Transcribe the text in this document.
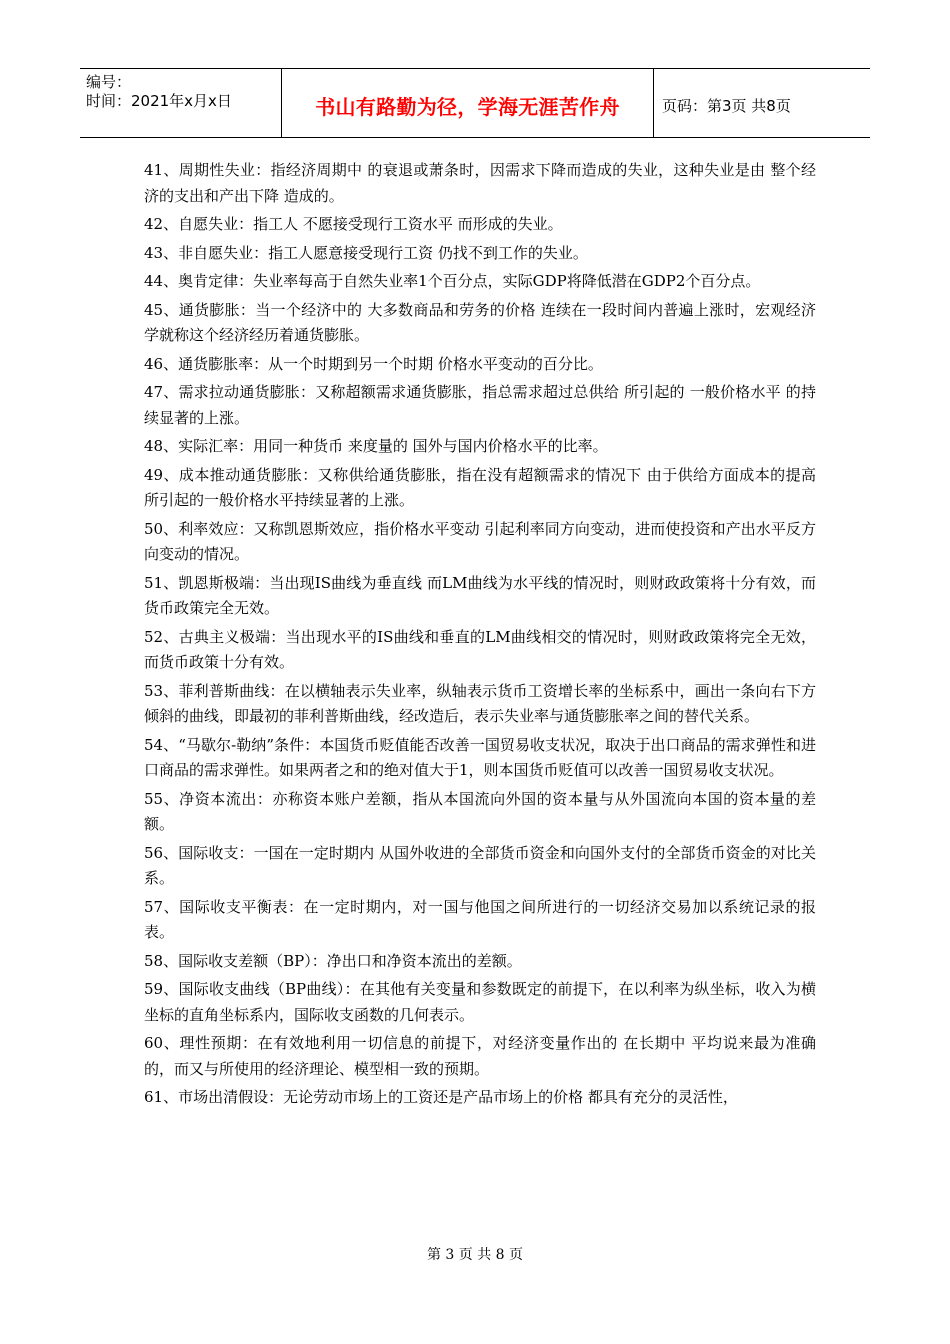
编号：
时间：2021年x月x日	书山有路勤为径，学海无涯苦作舟	页码：第3页 共8页

41、周期性失业：指经济周期中 的衰退或萧条时，因需求下降而造成的失业，这种失业是由 整个经济的支出和产出下降 造成的。

42、自愿失业：指工人 不愿接受现行工资水平 而形成的失业。

43、非自愿失业：指工人愿意接受现行工资 仍找不到工作的失业。

44、奥肯定律：失业率每高于自然失业率1个百分点，实际GDP将降低潜在GDP2个百分点。

45、通货膨胀：当一个经济中的 大多数商品和劳务的价格 连续在一段时间内普遍上涨时，宏观经济学就称这个经济经历着通货膨胀。

46、通货膨胀率：从一个时期到另一个时期 价格水平变动的百分比。

47、需求拉动通货膨胀：又称超额需求通货膨胀，指总需求超过总供给 所引起的 一般价格水平 的持续显著的上涨。

48、实际汇率：用同一种货币 来度量的 国外与国内价格水平的比率。

49、成本推动通货膨胀：又称供给通货膨胀，指在没有超额需求的情况下 由于供给方面成本的提高 所引起的一般价格水平持续显著的上涨。

50、利率效应：又称凯恩斯效应，指价格水平变动 引起利率同方向变动，进而使投资和产出水平反方向变动的情况。

51、凯恩斯极端：当出现IS曲线为垂直线 而LM曲线为水平线的情况时，则财政政策将十分有效，而货币政策完全无效。

52、古典主义极端：当出现水平的IS曲线和垂直的LM曲线相交的情况时，则财政政策将完全无效，而货币政策十分有效。

53、菲利普斯曲线：在以横轴表示失业率，纵轴表示货币工资增长率的坐标系中，画出一条向右下方倾斜的曲线，即最初的菲利普斯曲线，经改造后，表示失业率与通货膨胀率之间的替代关系。

54、“马歇尔-勒纳”条件：本国货币贬值能否改善一国贸易收支状况，取决于出口商品的需求弹性和进口商品的需求弹性。如果两者之和的绝对值大于1，则本国货币贬值可以改善一国贸易收支状况。

55、净资本流出：亦称资本账户差额，指从本国流向外国的资本量与从外国流向本国的资本量的差额。

56、国际收支：一国在一定时期内 从国外收进的全部货币资金和向国外支付的全部货币资金的对比关系。

57、国际收支平衡表：在一定时期内，对一国与他国之间所进行的一切经济交易加以系统记录的报表。

58、国际收支差额（BP）：净出口和净资本流出的差额。

59、国际收支曲线（BP曲线）：在其他有关变量和参数既定的前提下，在以利率为纵坐标，收入为横坐标的直角坐标系内，国际收支函数的几何表示。

60、理性预期：在有效地利用一切信息的前提下，对经济变量作出的 在长期中 平均说来最为准确的，而又与所使用的经济理论、模型相一致的预期。

61、市场出清假设：无论劳动市场上的工资还是产品市场上的价格 都具有充分的灵活性，

第 3 页 共 8 页
